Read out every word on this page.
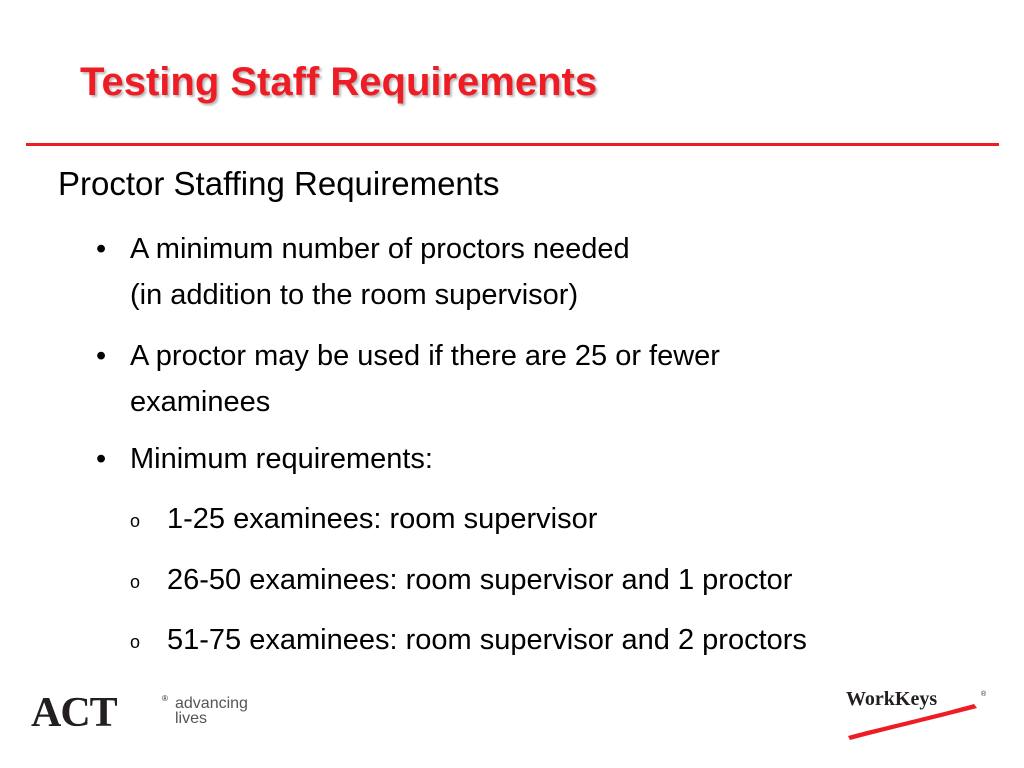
Testing Staff Requirements
Proctor Staffing Requirements
• A minimum number of proctors needed
(in addition to the room supervisor)
• A proctor may be used if there are 25 or fewer
examinees
• Minimum requirements:
o 1-25 examinees: room supervisor
o 26-50 examinees: room supervisor and 1 proctor
o 51-75 examinees: room supervisor and 2 proctors
ACT	® advancing
lives
WorkKeys	®
